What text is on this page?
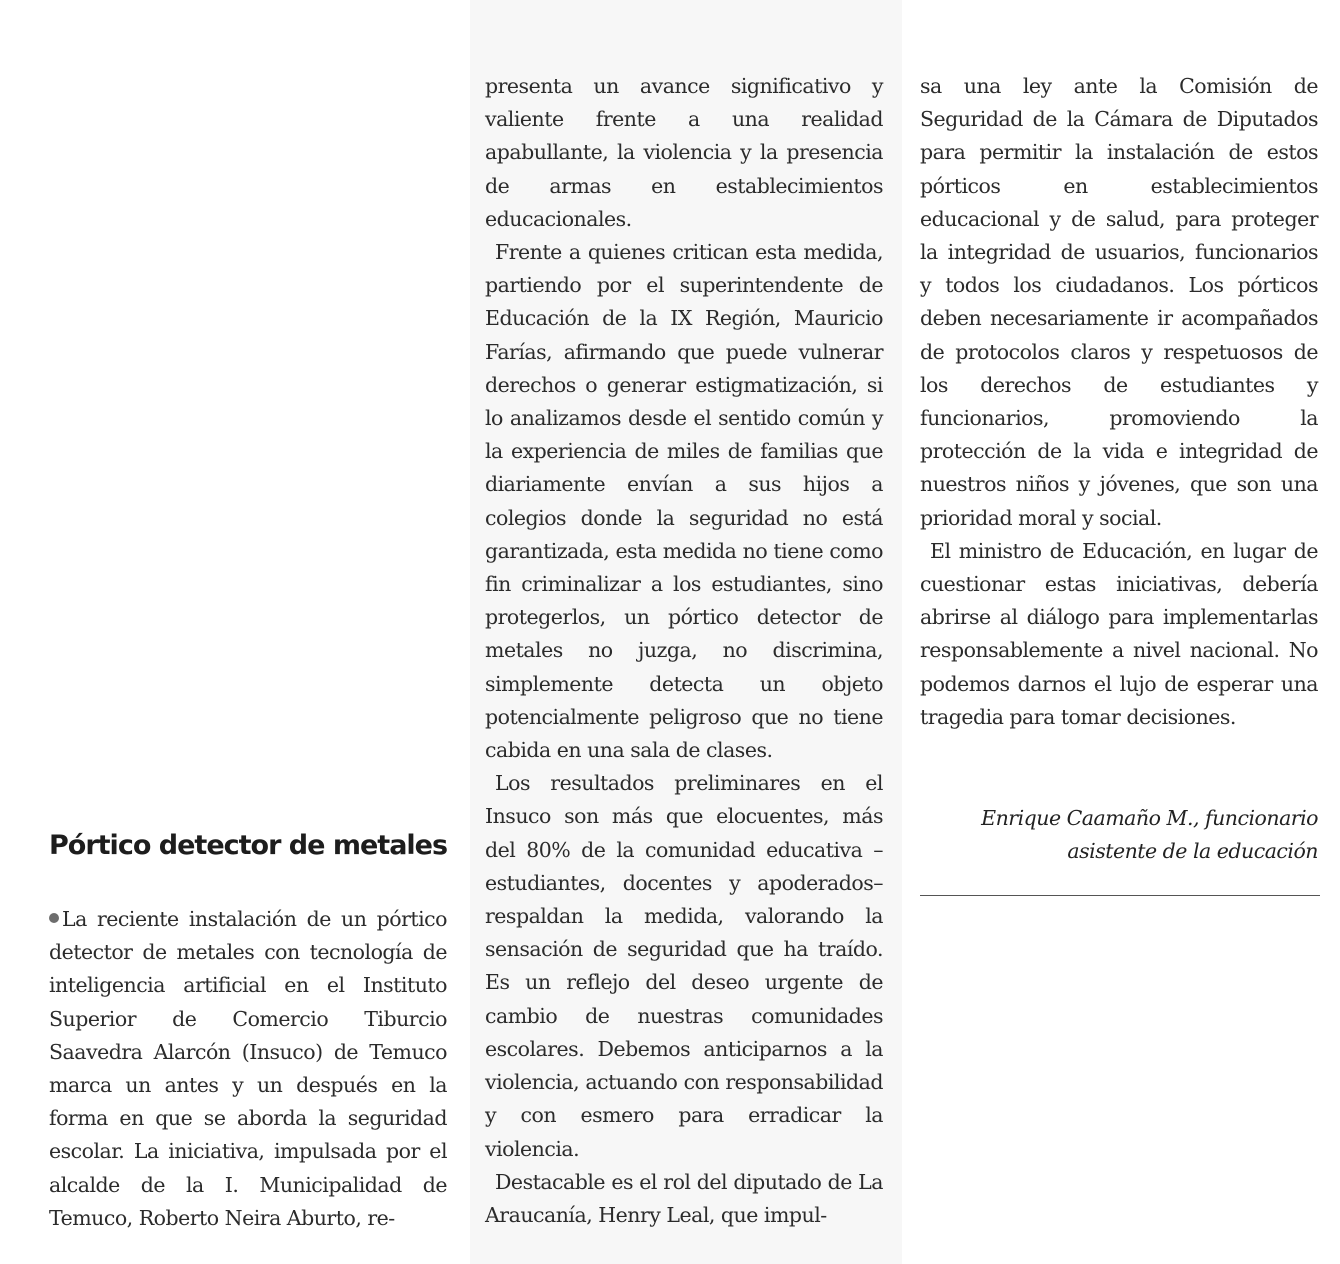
Pórtico detector de metales

La reciente instalación de un pórtico detector de metales con tecnología de inteligencia artificial en el Instituto Superior de Comercio Tiburcio Saavedra Alarcón (Insuco) de Temuco marca un antes y un después en la forma en que se aborda la seguridad escolar. La iniciativa, impulsada por el alcalde de la I. Municipalidad de Temuco, Roberto Neira Aburto, re-

presenta un avance significativo y valiente frente a una realidad apabullante, la violencia y la presencia de armas en establecimientos educacionales.

Frente a quienes critican esta medida, partiendo por el superintendente de Educación de la IX Región, Mauricio Farías, afirmando que puede vulnerar derechos o generar estigmatización, si lo analizamos desde el sentido común y la experiencia de miles de familias que diariamente envían a sus hijos a colegios donde la seguridad no está garantizada, esta medida no tiene como fin criminalizar a los estudiantes, sino protegerlos, un pórtico detector de metales no juzga, no discrimina, simplemente detecta un objeto potencialmente peligroso que no tiene cabida en una sala de clases.

Los resultados preliminares en el Insuco son más que elocuentes, más del 80% de la comunidad educativa –estudiantes, docentes y apoderados– respaldan la medida, valorando la sensación de seguridad que ha traído. Es un reflejo del deseo urgente de cambio de nuestras comunidades escolares. Debemos anticiparnos a la violencia, actuando con responsabilidad y con esmero para erradicar la violencia.

Destacable es el rol del diputado de La Araucanía, Henry Leal, que impul-

sa una ley ante la Comisión de Seguridad de la Cámara de Diputados para permitir la instalación de estos pórticos en establecimientos educacional y de salud, para proteger la integridad de usuarios, funcionarios y todos los ciudadanos. Los pórticos deben necesariamente ir acompañados de protocolos claros y respetuosos de los derechos de estudiantes y funcionarios, promoviendo la protección de la vida e integridad de nuestros niños y jóvenes, que son una prioridad moral y social.

El ministro de Educación, en lugar de cuestionar estas iniciativas, debería abrirse al diálogo para implementarlas responsablemente a nivel nacional. No podemos darnos el lujo de esperar una tragedia para tomar decisiones.

Enrique Caamaño M., funcionario
asistente de la educación
